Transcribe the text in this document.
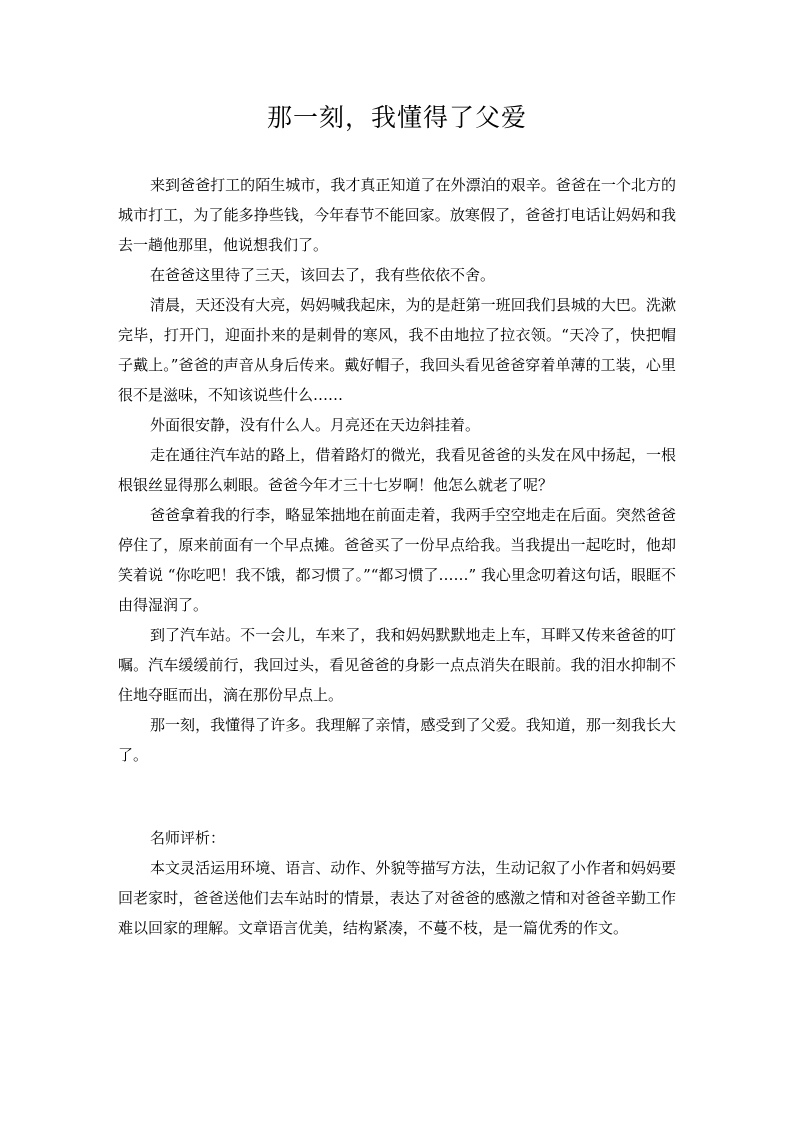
那一刻，我懂得了父爱

来到爸爸打工的陌生城市，我才真正知道了在外漂泊的艰辛。爸爸在一个北方的城市打工，为了能多挣些钱，今年春节不能回家。放寒假了，爸爸打电话让妈妈和我去一趟他那里，他说想我们了。

在爸爸这里待了三天，该回去了，我有些依依不舍。

清晨，天还没有大亮，妈妈喊我起床，为的是赶第一班回我们县城的大巴。洗漱完毕，打开门，迎面扑来的是刺骨的寒风，我不由地拉了拉衣领。“天冷了，快把帽子戴上。”爸爸的声音从身后传来。戴好帽子，我回头看见爸爸穿着单薄的工装，心里很不是滋味，不知该说些什么……

外面很安静，没有什么人。月亮还在天边斜挂着。

走在通往汽车站的路上，借着路灯的微光，我看见爸爸的头发在风中扬起，一根根银丝显得那么刺眼。爸爸今年才三十七岁啊！他怎么就老了呢？

爸爸拿着我的行李，略显笨拙地在前面走着，我两手空空地走在后面。突然爸爸停住了，原来前面有一个早点摊。爸爸买了一份早点给我。当我提出一起吃时，他却笑着说 “你吃吧！我不饿，都习惯了。”“都习惯了……” 我心里念叨着这句话，眼眶不由得湿润了。

到了汽车站。不一会儿，车来了，我和妈妈默默地走上车，耳畔又传来爸爸的叮嘱。汽车缓缓前行，我回过头，看见爸爸的身影一点点消失在眼前。我的泪水抑制不住地夺眶而出，滴在那份早点上。

那一刻，我懂得了许多。我理解了亲情，感受到了父爱。我知道，那一刻我长大了。

名师评析：

本文灵活运用环境、语言、动作、外貌等描写方法，生动记叙了小作者和妈妈要回老家时，爸爸送他们去车站时的情景，表达了对爸爸的感激之情和对爸爸辛勤工作难以回家的理解。文章语言优美，结构紧凑，不蔓不枝，是一篇优秀的作文。
